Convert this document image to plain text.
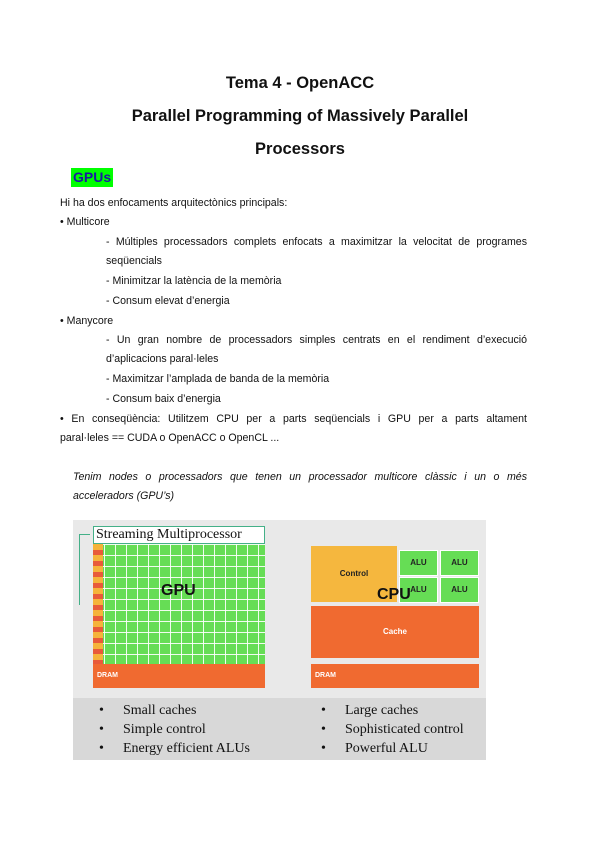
Tema 4 - OpenACC
Parallel Programming of Massively Parallel
Processors
GPUs
Hi ha dos enfocaments arquitectònics principals:
• Multicore
- Múltiples processadors complets enfocats a maximitzar la velocitat de programes
seqüencials
- Minimitzar la latència de la memòria
- Consum elevat d’energia
• Manycore
- Un gran nombre de processadors simples centrats en el rendiment d’execució
d’aplicacions paral·leles
- Maximitzar l’amplada de banda de la memòria
- Consum baix d’energia
• En conseqüència: Utilitzem CPU per a parts seqüencials i GPU per a parts altament
paral·leles == CUDA o OpenACC o OpenCL ...
Tenim nodes o processadors que tenen un processador multicore clàssic i un o més
acceleradors (GPU’s)
Streaming Multiprocessor
GPU
DRAM
Control
ALU	ALU
ALU	ALU
Cache
CPU
DRAM
• Small caches
• Simple control
• Energy efficient ALUs
• Large caches
• Sophisticated control
• Powerful ALU
